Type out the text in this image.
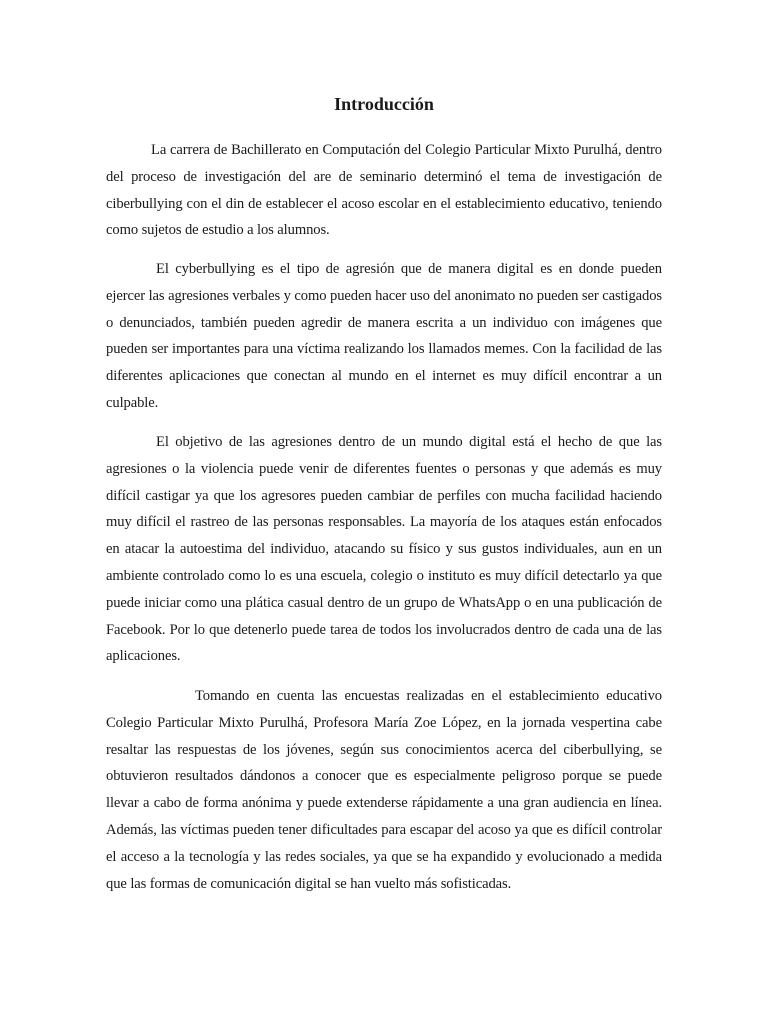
Introducción

La carrera de Bachillerato en Computación del Colegio Particular Mixto Purulhá, dentro del proceso de investigación del are de seminario determinó el tema de investigación de ciberbullying con el din de establecer el acoso escolar en el establecimiento educativo, teniendo como sujetos de estudio a los alumnos.

El cyberbullying es el tipo de agresión que de manera digital es en donde pueden ejercer las agresiones verbales y como pueden hacer uso del anonimato no pueden ser castigados o denunciados, también pueden agredir de manera escrita a un individuo con imágenes que pueden ser importantes para una víctima realizando los llamados memes. Con la facilidad de las diferentes aplicaciones que conectan al mundo en el internet es muy difícil encontrar a un culpable.

El objetivo de las agresiones dentro de un mundo digital está el hecho de que las agresiones o la violencia puede venir de diferentes fuentes o personas y que además es muy difícil castigar ya que los agresores pueden cambiar de perfiles con mucha facilidad haciendo muy difícil el rastreo de las personas responsables. La mayoría de los ataques están enfocados en atacar la autoestima del individuo, atacando su físico y sus gustos individuales, aun en un ambiente controlado como lo es una escuela, colegio o instituto es muy difícil detectarlo ya que puede iniciar como una plática casual dentro de un grupo de WhatsApp o en una publicación de Facebook. Por lo que detenerlo puede tarea de todos los involucrados dentro de cada una de las aplicaciones.

Tomando en cuenta las encuestas realizadas en el establecimiento educativo Colegio Particular Mixto Purulhá, Profesora María Zoe López, en la jornada vespertina cabe resaltar las respuestas de los jóvenes, según sus conocimientos acerca del ciberbullying, se obtuvieron resultados dándonos a conocer que es especialmente peligroso porque se puede llevar a cabo de forma anónima y puede extenderse rápidamente a una gran audiencia en línea. Además, las víctimas pueden tener dificultades para escapar del acoso ya que es difícil controlar el acceso a la tecnología y las redes sociales, ya que se ha expandido y evolucionado a medida que las formas de comunicación digital se han vuelto más sofisticadas.
